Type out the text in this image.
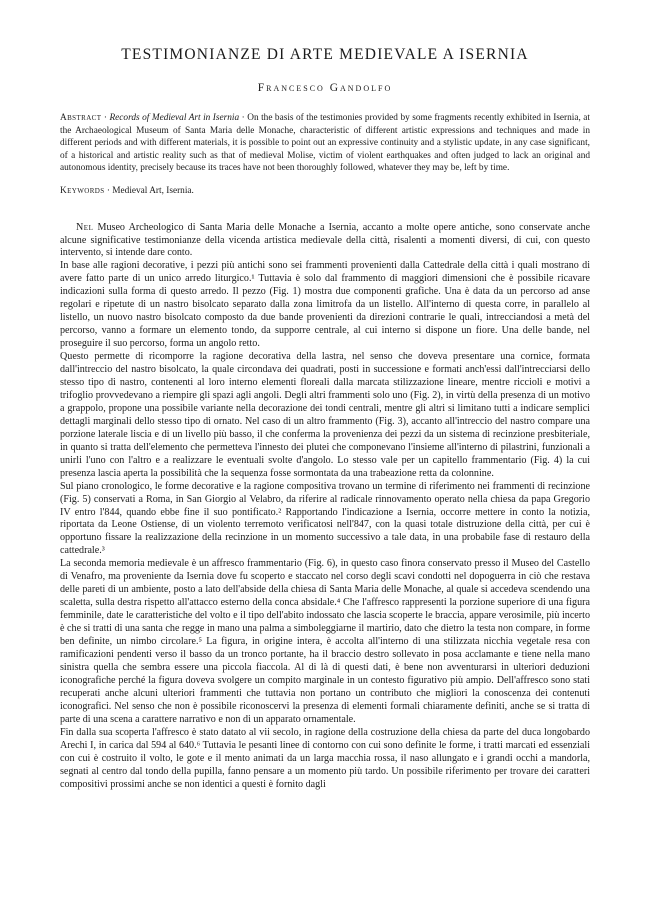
TESTIMONIANZE DI ARTE MEDIEVALE A ISERNIA
Francesco Gandolfo

Abstract · Records of Medieval Art in Isernia · On the basis of the testimonies provided by some fragments recently exhibited in Isernia, at the Archaeological Museum of Santa Maria delle Monache, characteristic of different artistic expressions and techniques and made in different periods and with different materials, it is possible to point out an expressive continuity and a stylistic update, in any case significant, of a historical and artistic reality such as that of medieval Molise, victim of violent earthquakes and often judged to lack an original and autonomous identity, precisely because its traces have not been thoroughly followed, whatever they may be, left by time.

Keywords · Medieval Art, Isernia.

Nel Museo Archeologico di Santa Maria delle Monache a Isernia, accanto a molte opere antiche, sono conservate anche alcune significative testimonianze della vicenda artistica medievale della città, risalenti a momenti diversi, di cui, con questo intervento, si intende dare conto.

In base alle ragioni decorative, i pezzi più antichi sono sei frammenti provenienti dalla Cattedrale della città i quali mostrano di avere fatto parte di un unico arredo liturgico.¹ Tuttavia è solo dal frammento di maggiori dimensioni che è possibile ricavare indicazioni sulla forma di questo arredo. Il pezzo (Fig. 1) mostra due componenti grafiche. Una è data da un percorso ad anse regolari e ripetute di un nastro bisolcato separato dalla zona limitrofa da un listello. All'interno di questa corre, in parallelo al listello, un nuovo nastro bisolcato composto da due bande provenienti da direzioni contrarie le quali, intrecciandosi a metà del percorso, vanno a formare un elemento tondo, da supporre centrale, al cui interno si dispone un fiore. Una delle bande, nel proseguire il suo percorso, forma un angolo retto.

Questo permette di ricomporre la ragione decorativa della lastra, nel senso che doveva presentare una cornice, formata dall'intreccio del nastro bisolcato, la quale circondava dei quadrati, posti in successione e formati anch'essi dall'intrecciarsi dello stesso tipo di nastro, contenenti al loro interno elementi floreali dalla marcata stilizzazione lineare, mentre riccioli e motivi a trifoglio provvedevano a riempire gli spazi agli angoli. Degli altri frammenti solo uno (Fig. 2), in virtù della presenza di un motivo a grappolo, propone una possibile variante nella decorazione dei tondi centrali, mentre gli altri si limitano tutti a indicare semplici dettagli marginali dello stesso tipo di ornato. Nel caso di un altro frammento (Fig. 3), accanto all'intreccio del nastro compare una porzione laterale liscia e di un livello più basso, il che conferma la provenienza dei pezzi da un sistema di recinzione presbiteriale, in quanto si tratta dell'elemento che permetteva l'innesto dei plutei che componevano l'insieme all'interno di pilastrini, funzionali a unirli l'uno con l'altro e a realizzare le eventuali svolte d'angolo. Lo stesso vale per un capitello frammentario (Fig. 4) la cui presenza lascia aperta la possibilità che la sequenza fosse sormontata da una trabeazione retta da colonnine.

Sul piano cronologico, le forme decorative e la ragione compositiva trovano un termine di riferimento nei frammenti di recinzione (Fig. 5) conservati a Roma, in San Giorgio al Velabro, da riferire al radicale rinnovamento operato nella chiesa da papa Gregorio IV entro l'844, quando ebbe fine il suo pontificato.² Rapportando l'indicazione a Isernia, occorre mettere in conto la notizia, riportata da Leone Ostiense, di un violento terremoto verificatosi nell'847, con la quasi totale distruzione della città, per cui è opportuno fissare la realizzazione della recinzione in un momento successivo a tale data, in una probabile fase di restauro della cattedrale.³

La seconda memoria medievale è un affresco frammentario (Fig. 6), in questo caso finora conservato presso il Museo del Castello di Venafro, ma proveniente da Isernia dove fu scoperto e staccato nel corso degli scavi condotti nel dopoguerra in ciò che restava delle pareti di un ambiente, posto a lato dell'abside della chiesa di Santa Maria delle Monache, al quale si accedeva scendendo una scaletta, sulla destra rispetto all'attacco esterno della conca absidale.⁴ Che l'affresco rappresenti la porzione superiore di una figura femminile, date le caratteristiche del volto e il tipo dell'abito indossato che lascia scoperte le braccia, appare verosimile, più incerto è che si tratti di una santa che regge in mano una palma a simboleggiarne il martirio, dato che dietro la testa non compare, in forme ben definite, un nimbo circolare.⁵ La figura, in origine intera, è accolta all'interno di una stilizzata nicchia vegetale resa con ramificazioni pendenti verso il basso da un tronco portante, ha il braccio destro sollevato in posa acclamante e tiene nella mano sinistra quella che sembra essere una piccola fiaccola. Al di là di questi dati, è bene non avventurarsi in ulteriori deduzioni iconografiche perché la figura doveva svolgere un compito marginale in un contesto figurativo più ampio. Dell'affresco sono stati recuperati anche alcuni ulteriori frammenti che tuttavia non portano un contributo che migliori la conoscenza dei contenuti iconografici. Nel senso che non è possibile riconoscervi la presenza di elementi formali chiaramente definiti, anche se si tratta di parte di una scena a carattere narrativo e non di un apparato ornamentale.

Fin dalla sua scoperta l'affresco è stato datato al vii secolo, in ragione della costruzione della chiesa da parte del duca longobardo Arechi I, in carica dal 594 al 640.⁶ Tuttavia le pesanti linee di contorno con cui sono definite le forme, i tratti marcati ed essenziali con cui è costruito il volto, le gote e il mento animati da un larga macchia rossa, il naso allungato e i grandi occhi a mandorla, segnati al centro dal tondo della pupilla, fanno pensare a un momento più tardo. Un possibile riferimento per trovare dei caratteri compositivi prossimi anche se non identici a questi è fornito dagli
